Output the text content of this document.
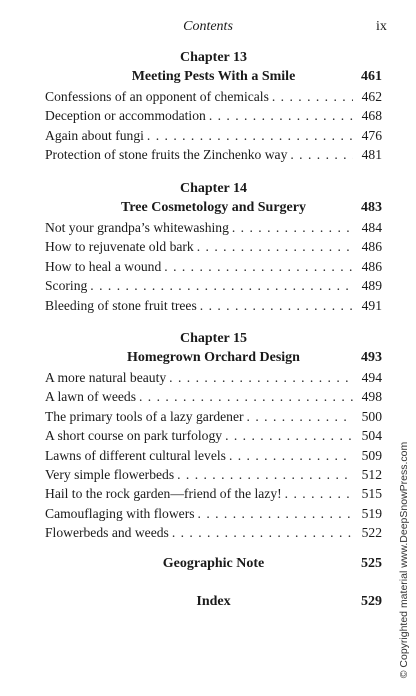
Contents	ix
Chapter 13
Meeting Pests With a Smile	461
Confessions of an opponent of chemicals . . .	462
Deception or accommodation . . .	468
Again about fungi . . .	476
Protection of stone fruits the Zinchenko way . . .	481
Chapter 14
Tree Cosmetology and Surgery	483
Not your grandpa’s whitewashing . . .	484
How to rejuvenate old bark . . .	486
How to heal a wound . . .	486
Scoring . . .	489
Bleeding of stone fruit trees . . .	491
Chapter 15
Homegrown Orchard Design	493
A more natural beauty . . .	494
A lawn of weeds . . .	498
The primary tools of a lazy gardener . . .	500
A short course on park turfology . . .	504
Lawns of different cultural levels . . .	509
Very simple flowerbeds . . .	512
Hail to the rock garden—friend of the lazy! . . .	515
Camouflaging with flowers . . .	519
Flowerbeds and weeds . . .	522
Geographic Note	525
Index	529 © Copyrighted material www.DeepSnowPress.com
